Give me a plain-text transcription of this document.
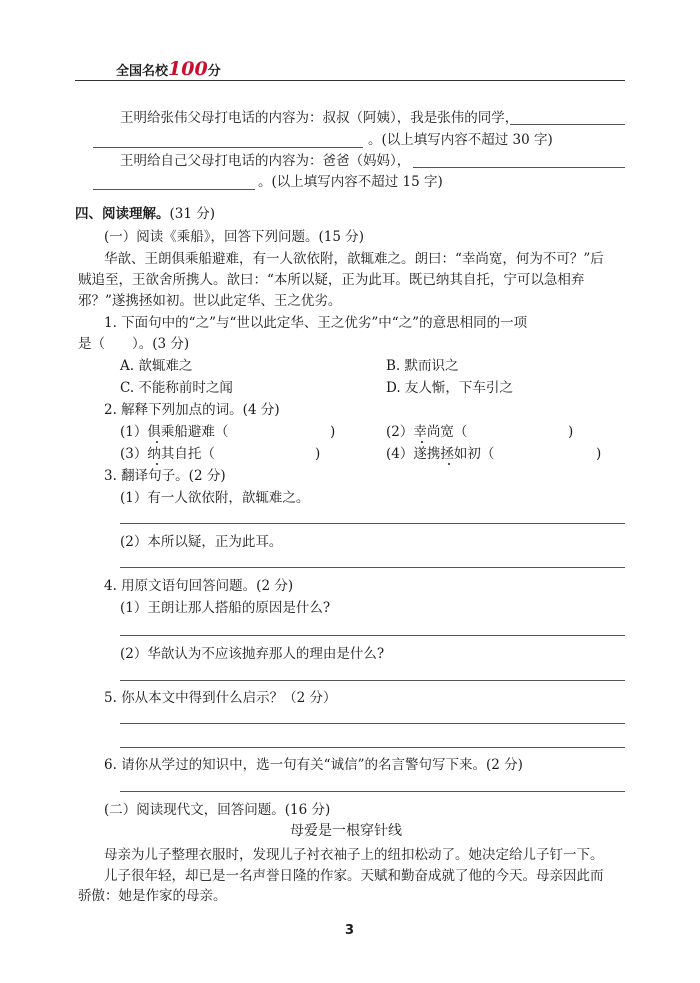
全国名校100分
王明给张伟父母打电话的内容为：叔叔（阿姨），我是张伟的同学，
。(以上填写内容不超过 30 字)
王明给自己父母打电话的内容为：爸爸（妈妈），
。(以上填写内容不超过 15 字)
四、阅读理解。(31 分)
(一）阅读《乘船》，回答下列问题。(15 分)
华歆、王朗俱乘船避难，有一人欲依附，歆辄难之。朗曰：“幸尚宽，何为不可？”后
贼追至，王欲舍所携人。歆曰：“本所以疑，正为此耳。既已纳其自托，宁可以急相弃
邪？”遂携拯如初。世以此定华、王之优劣。
1. 下面句中的“之”与“世以此定华、王之优劣”中“之”的意思相同的一项
是（　　）。(3 分)
A. 歆辄难之	B. 默而识之
C. 不能称前时之闻	D. 友人惭，下车引之
2. 解释下列加点的词。(4 分)
(1）俱乘船避难（	)	(2）幸尚宽（	)
(3）纳其自托（	)	(4）遂携拯如初（	)
3. 翻译句子。(2 分)
(1）有一人欲依附，歆辄难之。
(2）本所以疑，正为此耳。
4. 用原文语句回答问题。(2 分)
(1）王朗让那人搭船的原因是什么?
(2）华歆认为不应该抛弃那人的理由是什么?
5. 你从本文中得到什么启示？（2 分）
6. 请你从学过的知识中，选一句有关“诚信”的名言警句写下来。(2 分)
(二）阅读现代文，回答问题。(16 分)
母爱是一根穿针线
母亲为儿子整理衣服时，发现儿子衬衣袖子上的纽扣松动了。她决定给儿子钉一下。
儿子很年轻，却已是一名声誉日隆的作家。天赋和勤奋成就了他的今天。母亲因此而
骄傲：她是作家的母亲。
3
